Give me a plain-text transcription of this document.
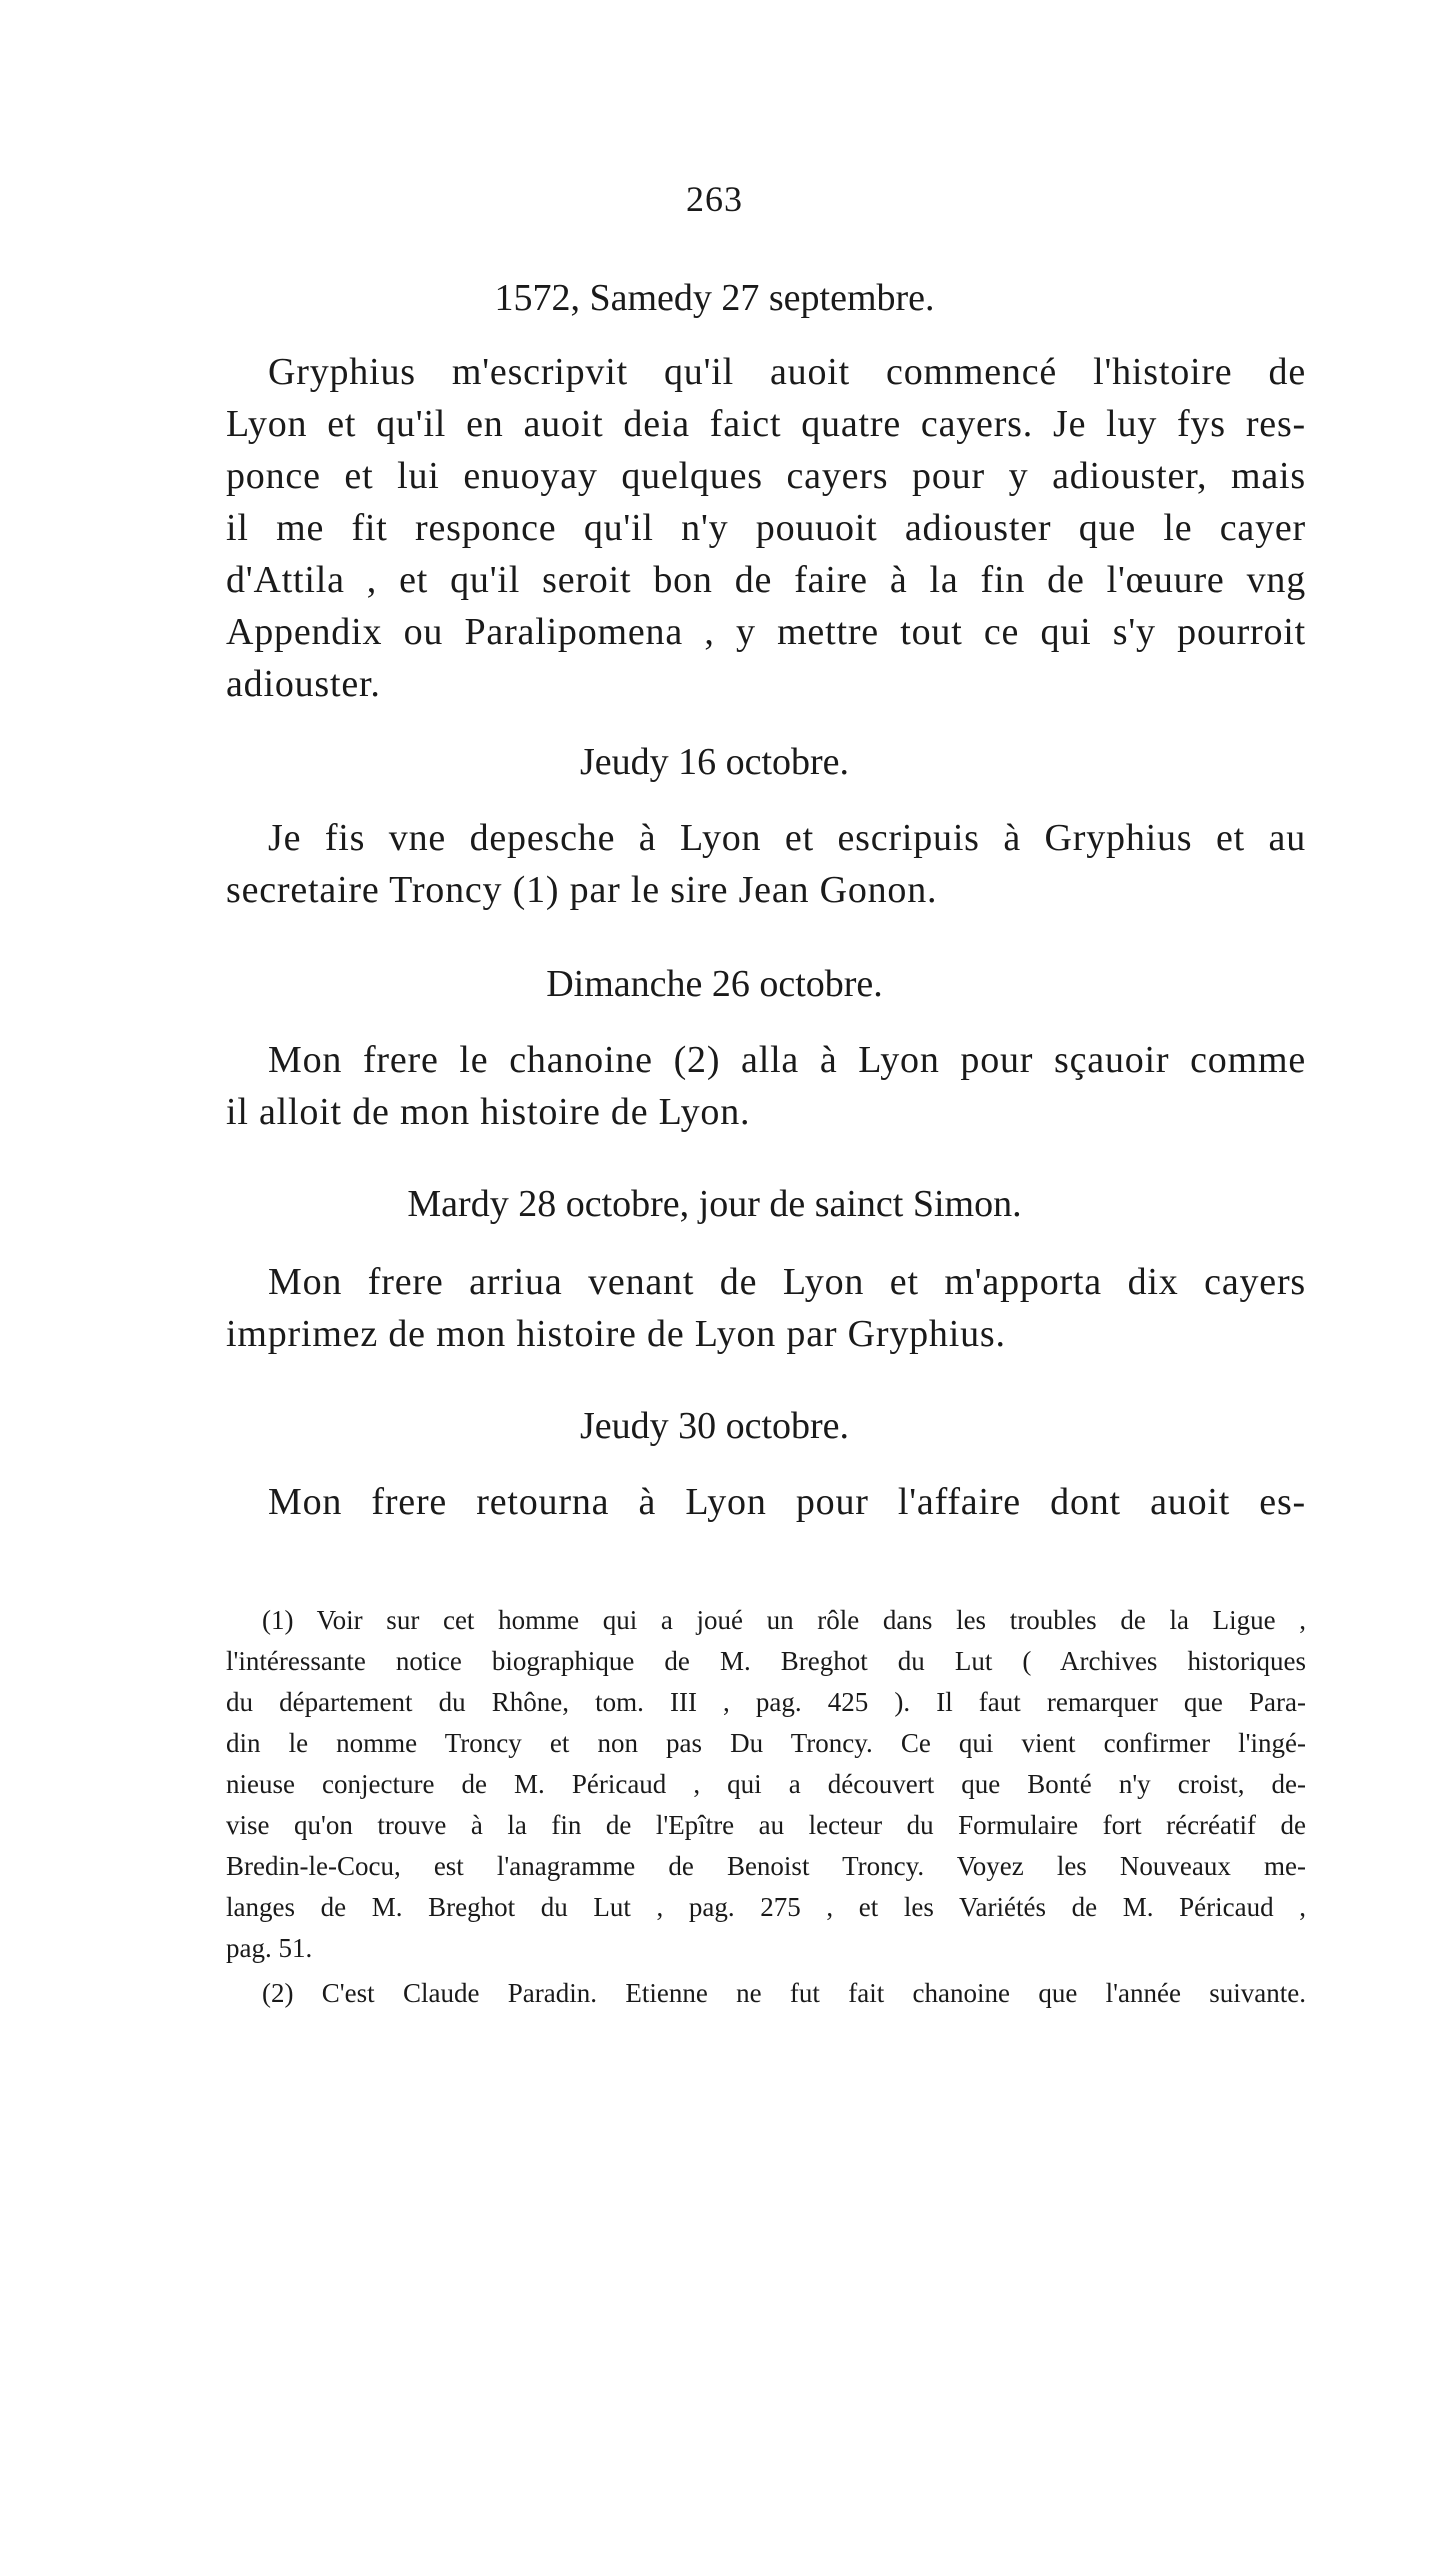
263
1572, Samedy 27 septembre.
Gryphius m'escripvit qu'il auoit commencé l'histoire de
Lyon et qu'il en auoit deia faict quatre cayers. Je luy fys res-
ponce et lui enuoyay quelques cayers pour y adiouster, mais
il me fit responce qu'il n'y pouuoit adiouster que le cayer
d'Attila , et qu'il seroit bon de faire à la fin de l'œuure vng
Appendix ou Paralipomena , y mettre tout ce qui s'y pourroit
adiouster.
Jeudy 16 octobre.
Je fis vne depesche à Lyon et escripuis à Gryphius et au
secretaire Troncy (1) par le sire Jean Gonon.
Dimanche 26 octobre.
Mon frere le chanoine (2) alla à Lyon pour sçauoir comme
il alloit de mon histoire de Lyon.
Mardy 28 octobre, jour de sainct Simon.
Mon frere arriua venant de Lyon et m'apporta dix cayers
imprimez de mon histoire de Lyon par Gryphius.
Jeudy 30 octobre.
Mon frere retourna à Lyon pour l'affaire dont auoit es-
(1) Voir sur cet homme qui a joué un rôle dans les troubles de la Ligue ,
l'intéressante notice biographique de M. Breghot du Lut ( Archives historiques
du département du Rhône, tom. III , pag. 425 ). Il faut remarquer que Para-
din le nomme Troncy et non pas Du Troncy. Ce qui vient confirmer l'ingé-
nieuse conjecture de M. Péricaud , qui a découvert que Bonté n'y croist, de-
vise qu'on trouve à la fin de l'Epître au lecteur du Formulaire fort récréatif de
Bredin-le-Cocu, est l'anagramme de Benoist Troncy. Voyez les Nouveaux me-
langes de M. Breghot du Lut , pag. 275 , et les Variétés de M. Péricaud ,
pag. 51.
(2) C'est Claude Paradin. Etienne ne fut fait chanoine que l'année suivante.
